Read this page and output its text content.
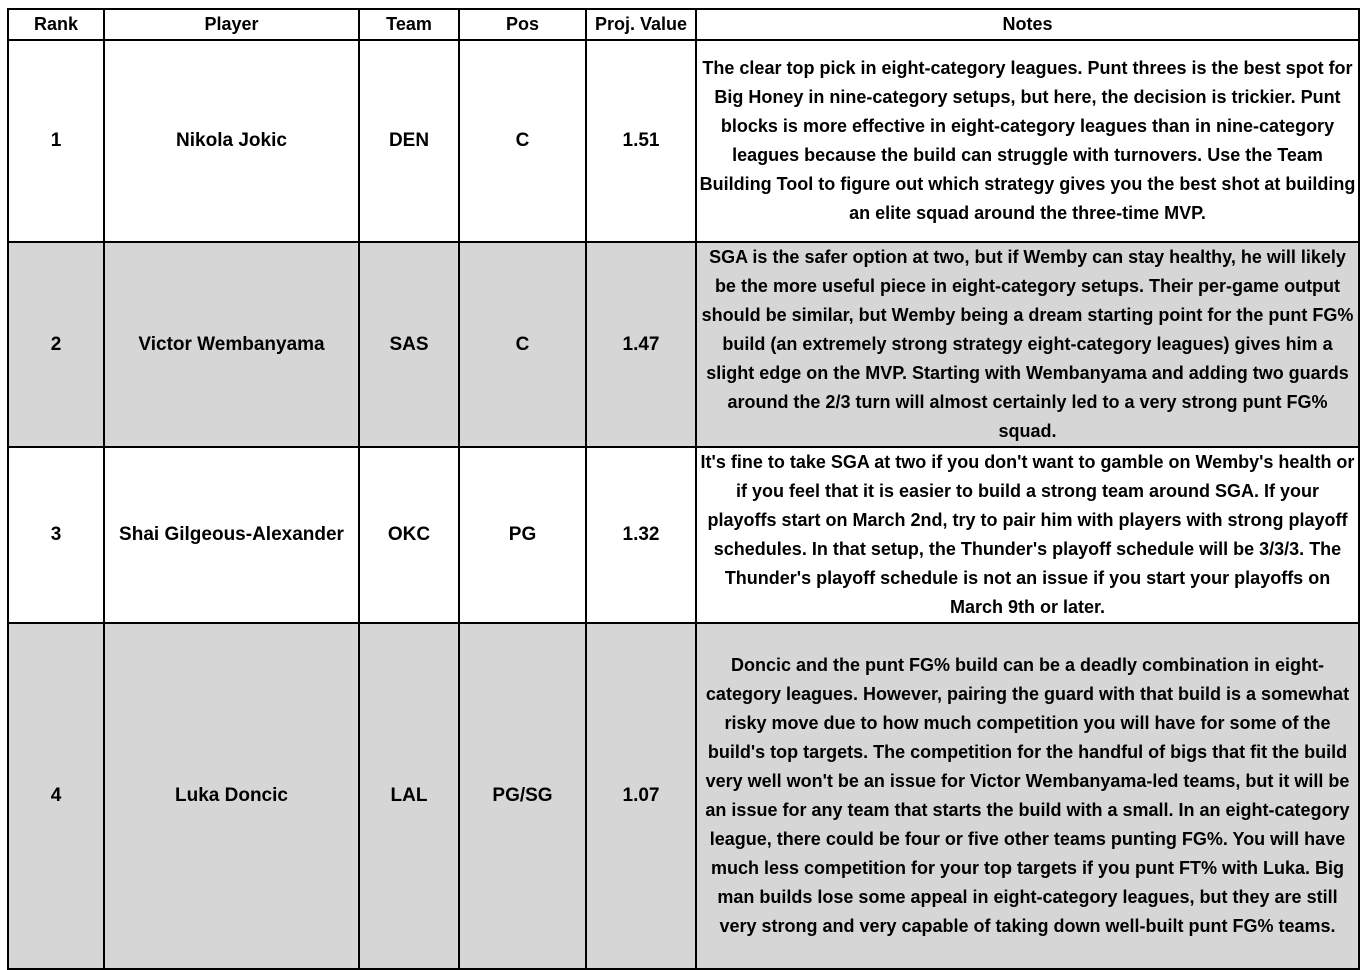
Rank	Player	Team	Pos	Proj. Value	Notes
1	Nikola Jokic	DEN	C	1.51	The clear top pick in eight-category leagues. Punt threes is the best spot for Big Honey in nine-category setups, but here, the decision is trickier. Punt blocks is more effective in eight-category leagues than in nine-category leagues because the build can struggle with turnovers. Use the Team Building Tool to figure out which strategy gives you the best shot at building an elite squad around the three-time MVP.
2	Victor Wembanyama	SAS	C	1.47	SGA is the safer option at two, but if Wemby can stay healthy, he will likely be the more useful piece in eight-category setups. Their per-game output should be similar, but Wemby being a dream starting point for the punt FG% build (an extremely strong strategy eight-category leagues) gives him a slight edge on the MVP. Starting with Wembanyama and adding two guards around the 2/3 turn will almost certainly led to a very strong punt FG% squad.
3	Shai Gilgeous-Alexander	OKC	PG	1.32	It's fine to take SGA at two if you don't want to gamble on Wemby's health or if you feel that it is easier to build a strong team around SGA. If your playoffs start on March 2nd, try to pair him with players with strong playoff schedules. In that setup, the Thunder's playoff schedule will be 3/3/3. The Thunder's playoff schedule is not an issue if you start your playoffs on March 9th or later.
4	Luka Doncic	LAL	PG/SG	1.07	Doncic and the punt FG% build can be a deadly combination in eight-category leagues. However, pairing the guard with that build is a somewhat risky move due to how much competition you will have for some of the build's top targets. The competition for the handful of bigs that fit the build very well won't be an issue for Victor Wembanyama-led teams, but it will be an issue for any team that starts the build with a small. In an eight-category league, there could be four or five other teams punting FG%. You will have much less competition for your top targets if you punt FT% with Luka. Big man builds lose some appeal in eight-category leagues, but they are still very strong and very capable of taking down well-built punt FG% teams.
